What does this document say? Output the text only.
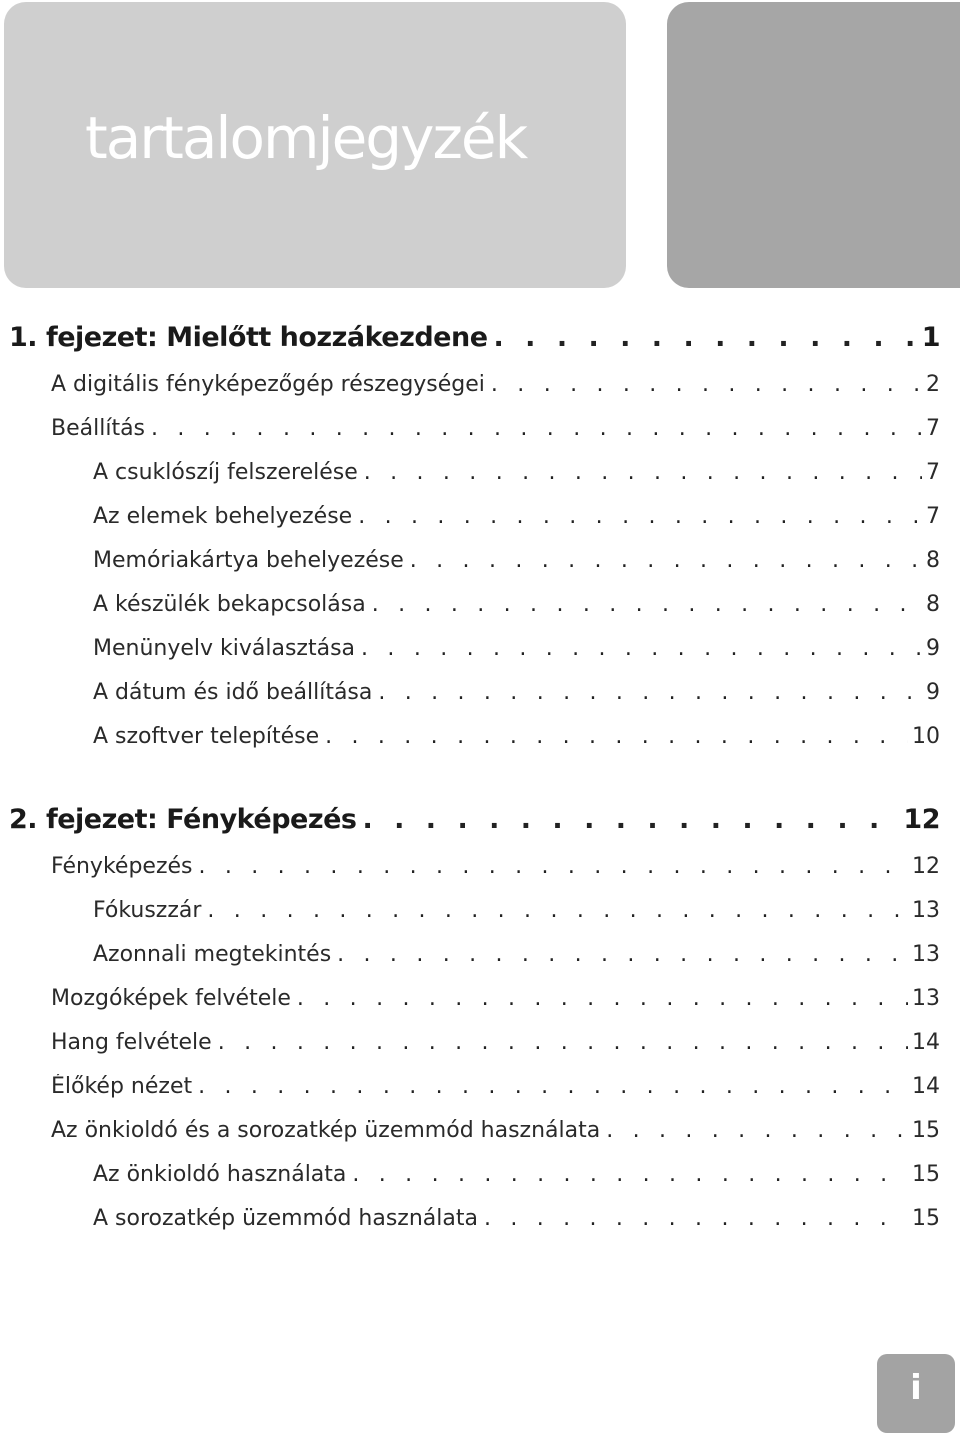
tartalomjegyzék
1. fejezet: Mielőtt hozzákezdene . . .	1
A digitális fényképezőgép részegységei . . .	2
Beállítás . . .	7
A csuklószíj felszerelése . . .	7
Az elemek behelyezése . . .	7
Memóriakártya behelyezése . . .	8
A készülék bekapcsolása . . .	8
Menünyelv kiválasztása . . .	9
A dátum és idő beállítása . . .	9
A szoftver telepítése . . .	10
2. fejezet: Fényképezés . . .	12
Fényképezés . . .	12
Fókuszzár . . .	13
Azonnali megtekintés . . .	13
Mozgóképek felvétele . . .	13
Hang felvétele . . .	14
Élőkép nézet . . .	14
Az önkioldó és a sorozatkép üzemmód használata . . .	15
Az önkioldó használata . . .	15
A sorozatkép üzemmód használata . . .	15
i
